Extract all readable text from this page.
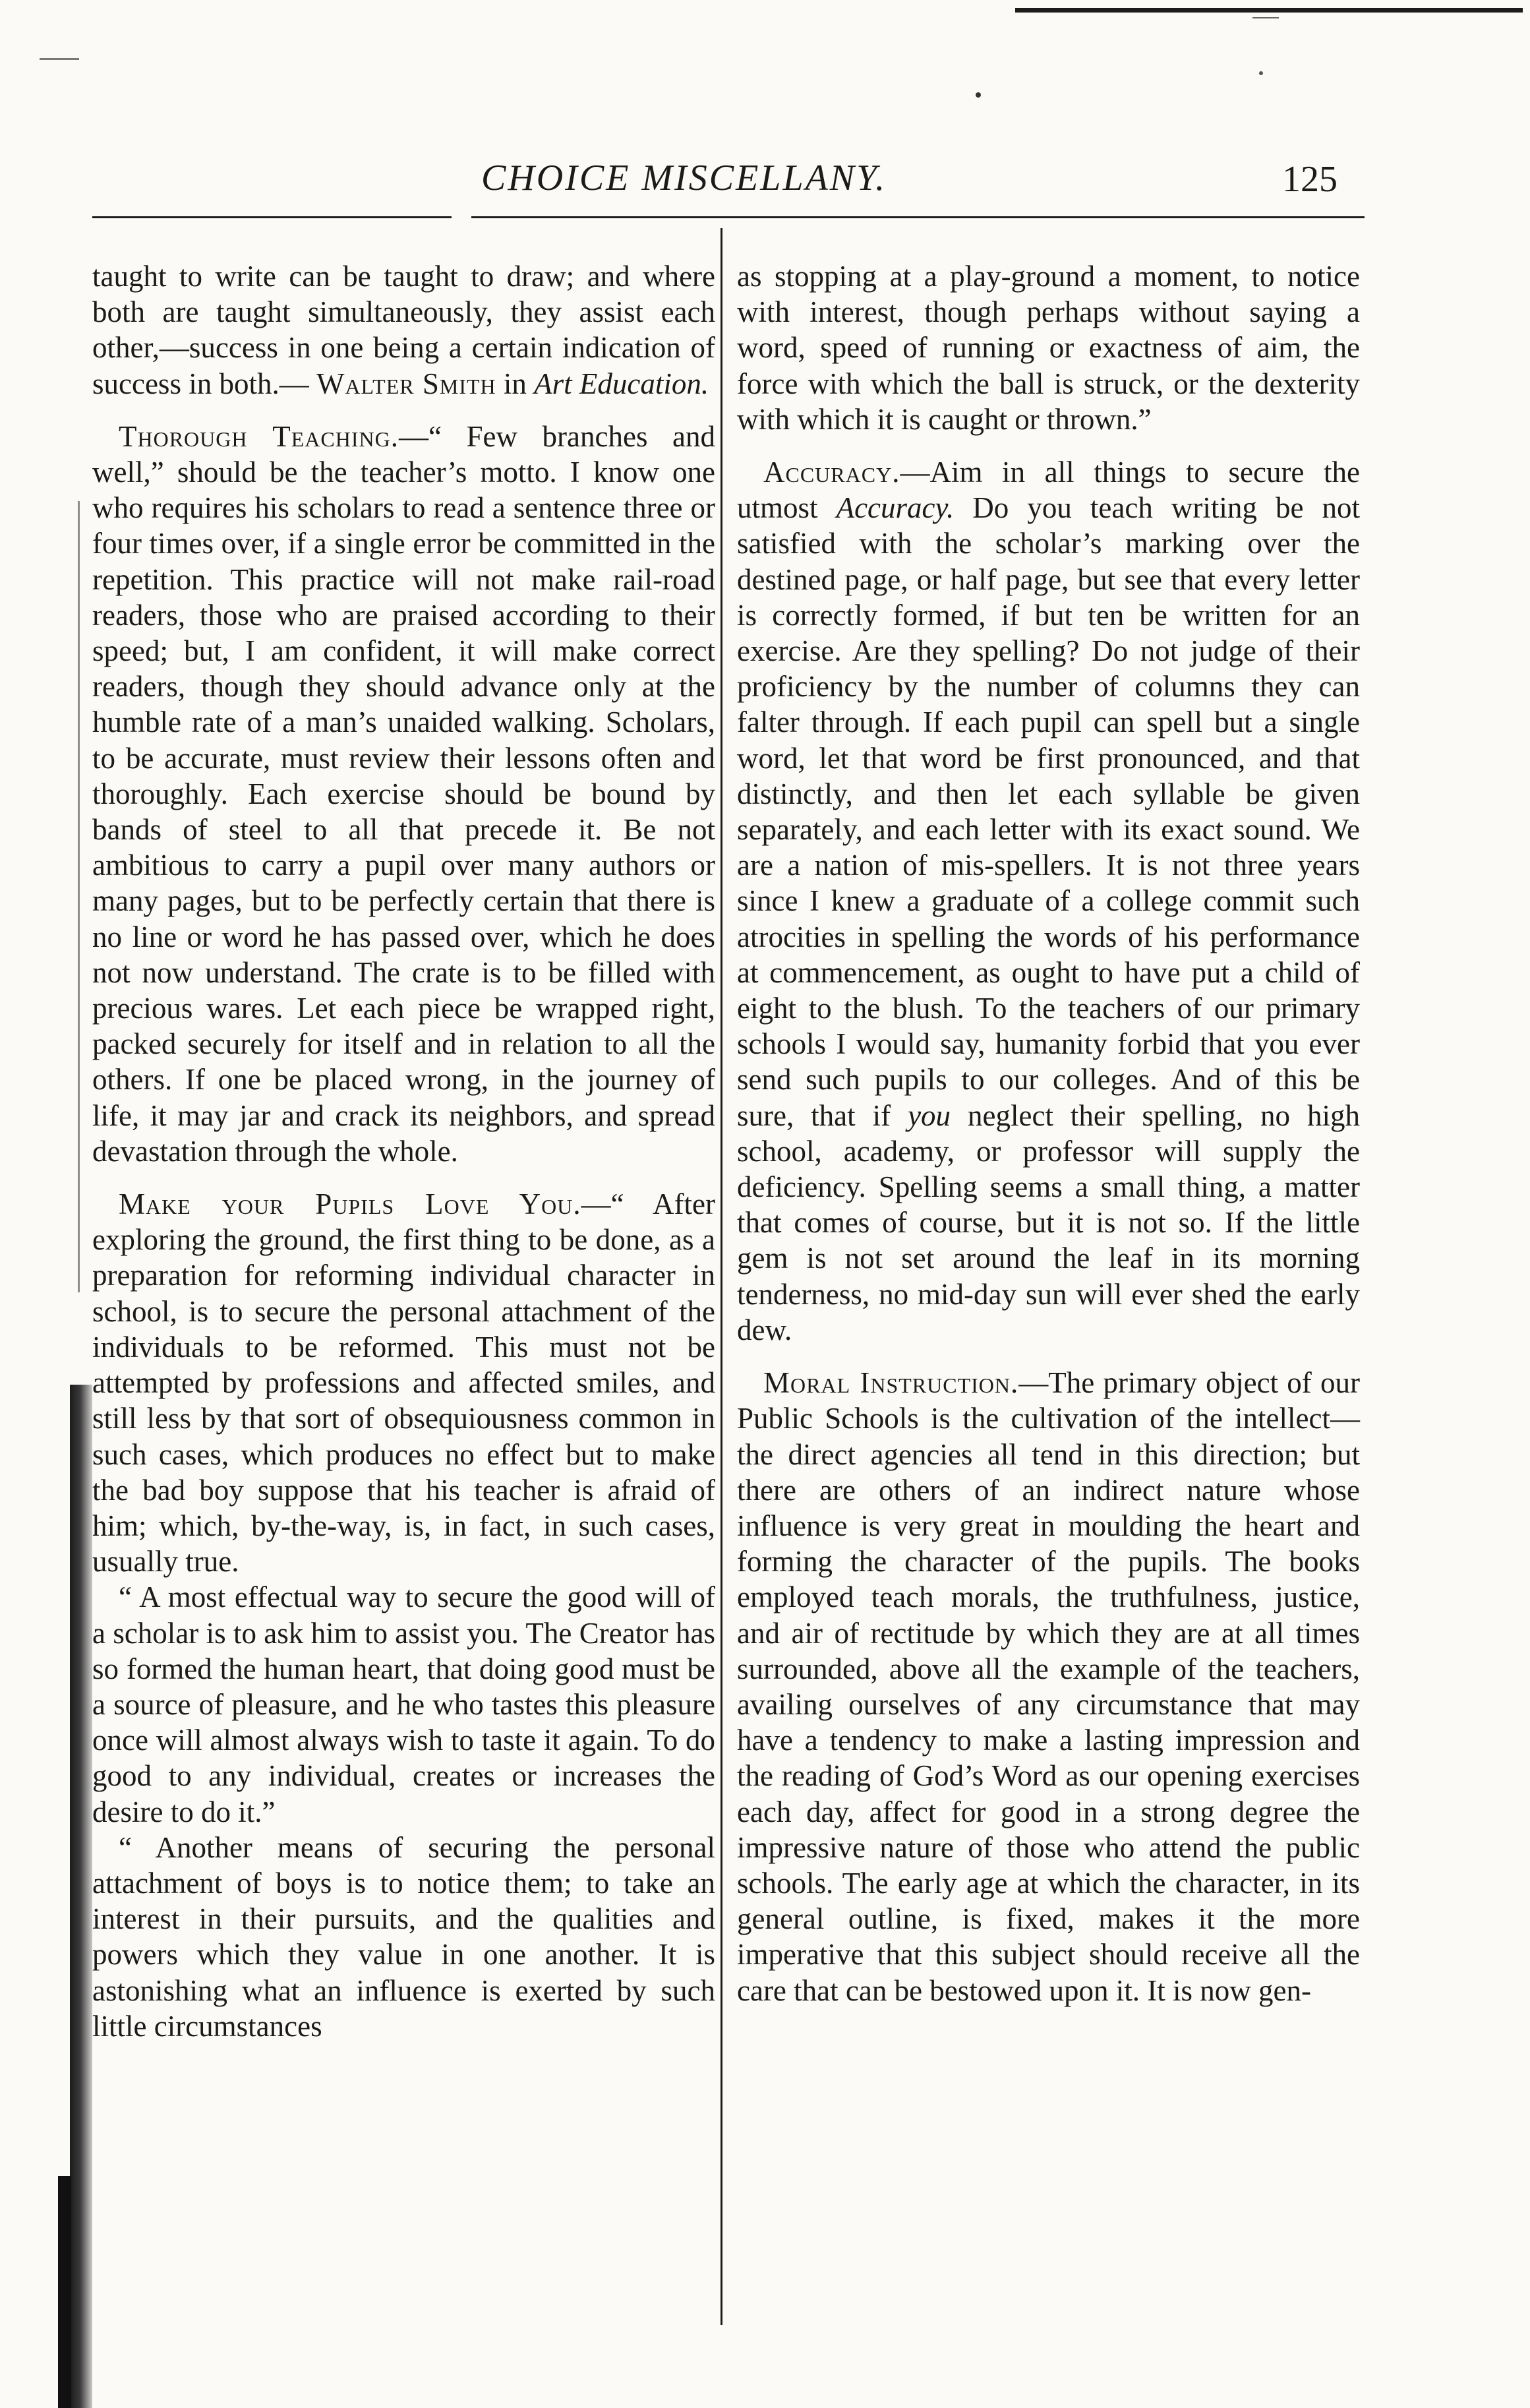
CHOICE MISCELLANY.	125

taught to write can be taught to draw; and where both are taught simultaneously, they assist each other,—success in one being a certain indication of success in both.— Walter Smith in Art Education.

Thorough Teaching.—“ Few branches and well,” should be the teacher’s motto. I know one who requires his scholars to read a sentence three or four times over, if a single error be committed in the repetition. This practice will not make rail-road readers, those who are praised according to their speed; but, I am confident, it will make correct readers, though they should advance only at the humble rate of a man’s unaided walking. Scholars, to be accurate, must review their lessons often and thoroughly. Each exercise should be bound by bands of steel to all that precede it. Be not ambitious to carry a pupil over many authors or many pages, but to be perfectly certain that there is no line or word he has passed over, which he does not now understand. The crate is to be filled with precious wares. Let each piece be wrapped right, packed securely for itself and in relation to all the others. If one be placed wrong, in the journey of life, it may jar and crack its neighbors, and spread devastation through the whole.

Make your Pupils Love You.—“ After exploring the ground, the first thing to be done, as a preparation for reforming individual character in school, is to secure the personal attachment of the individuals to be reformed. This must not be attempted by professions and affected smiles, and still less by that sort of obsequiousness common in such cases, which produces no effect but to make the bad boy suppose that his teacher is afraid of him; which, by-the-way, is, in fact, in such cases, usually true.

“ A most effectual way to secure the good will of a scholar is to ask him to assist you. The Creator has so formed the human heart, that doing good must be a source of pleasure, and he who tastes this pleasure once will almost always wish to taste it again. To do good to any individual, creates or increases the desire to do it.”

“ Another means of securing the personal attachment of boys is to notice them; to take an interest in their pursuits, and the qualities and powers which they value in one another. It is astonishing what an influence is exerted by such little circumstances

as stopping at a play-ground a moment, to notice with interest, though perhaps without saying a word, speed of running or exactness of aim, the force with which the ball is struck, or the dexterity with which it is caught or thrown.”

Accuracy.—Aim in all things to secure the utmost Accuracy. Do you teach writing be not satisfied with the scholar’s marking over the destined page, or half page, but see that every letter is correctly formed, if but ten be written for an exercise. Are they spelling? Do not judge of their proficiency by the number of columns they can falter through. If each pupil can spell but a single word, let that word be first pronounced, and that distinctly, and then let each syllable be given separately, and each letter with its exact sound. We are a nation of mis-spellers. It is not three years since I knew a graduate of a college commit such atrocities in spelling the words of his performance at commencement, as ought to have put a child of eight to the blush. To the teachers of our primary schools I would say, humanity forbid that you ever send such pupils to our colleges. And of this be sure, that if you neglect their spelling, no high school, academy, or professor will supply the deficiency. Spelling seems a small thing, a matter that comes of course, but it is not so. If the little gem is not set around the leaf in its morning tenderness, no mid-day sun will ever shed the early dew.

Moral Instruction.—The primary object of our Public Schools is the cultivation of the intellect—the direct agencies all tend in this direction; but there are others of an indirect nature whose influence is very great in moulding the heart and forming the character of the pupils. The books employed teach morals, the truthfulness, justice, and air of rectitude by which they are at all times surrounded, above all the example of the teachers, availing ourselves of any circumstance that may have a tendency to make a lasting impression and the reading of God’s Word as our opening exercises each day, affect for good in a strong degree the impressive nature of those who attend the public schools. The early age at which the character, in its general outline, is fixed, makes it the more imperative that this subject should receive all the care that can be bestowed upon it. It is now gen-
